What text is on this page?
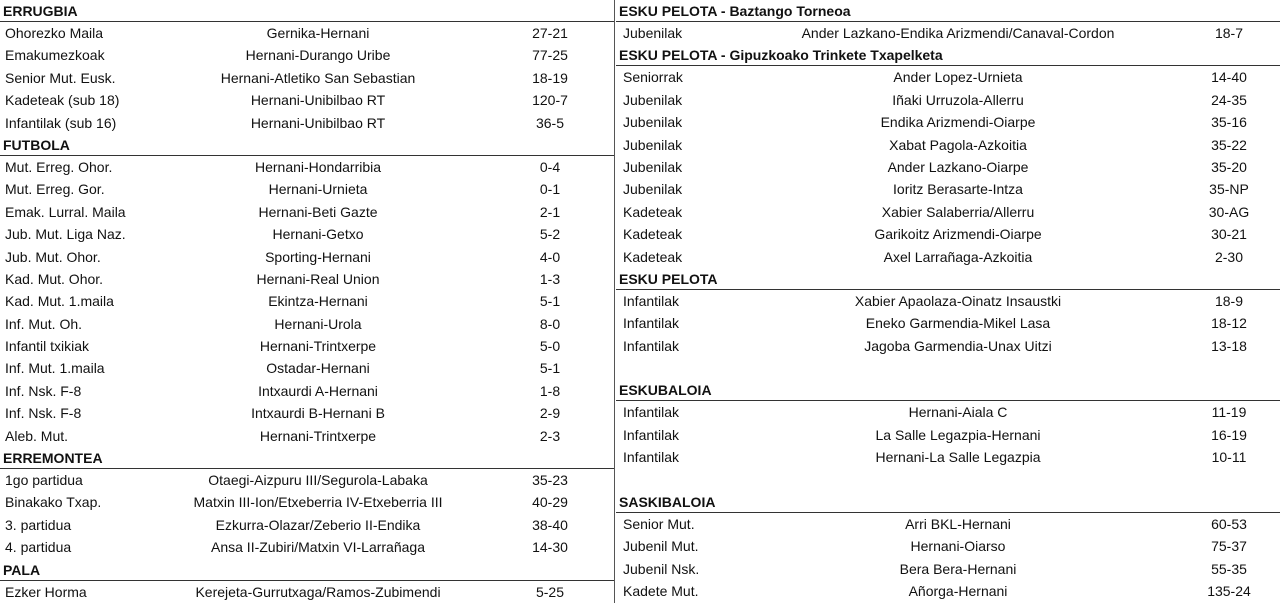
ERRUGBIA
Ohorezko Maila	Gernika-Hernani	27-21
Emakumezkoak	Hernani-Durango Uribe	77-25
Senior Mut. Eusk.	Hernani-Atletiko San Sebastian	18-19
Kadeteak (sub 18)	Hernani-Unibilbao RT	120-7
Infantilak (sub 16)	Hernani-Unibilbao RT	36-5
FUTBOLA
Mut. Erreg. Ohor.	Hernani-Hondarribia	0-4
Mut. Erreg. Gor.	Hernani-Urnieta	0-1
Emak. Lurral. Maila	Hernani-Beti Gazte	2-1
Jub. Mut. Liga Naz.	Hernani-Getxo	5-2
Jub. Mut. Ohor.	Sporting-Hernani	4-0
Kad. Mut. Ohor.	Hernani-Real Union	1-3
Kad. Mut. 1.maila	Ekintza-Hernani	5-1
Inf. Mut. Oh.	Hernani-Urola	8-0
Infantil txikiak	Hernani-Trintxerpe	5-0
Inf. Mut. 1.maila	Ostadar-Hernani	5-1
Inf. Nsk. F-8	Intxaurdi A-Hernani	1-8
Inf. Nsk. F-8	Intxaurdi B-Hernani B	2-9
Aleb. Mut.	Hernani-Trintxerpe	2-3
ERREMONTEA
1go partidua	Otaegi-Aizpuru III/Segurola-Labaka	35-23
Binakako Txap.	Matxin III-Ion/Etxeberria IV-Etxeberria III	40-29
3. partidua	Ezkurra-Olazar/Zeberio II-Endika	38-40
4. partidua	Ansa II-Zubiri/Matxin VI-Larrañaga	14-30
PALA
Ezker Horma	Kerejeta-Gurrutxaga/Ramos-Zubimendi	5-25
ESKU PELOTA - Baztango Torneoa
Jubenilak	Ander Lazkano-Endika Arizmendi/Canaval-Cordon	18-7
ESKU PELOTA - Gipuzkoako Trinkete Txapelketa
Seniorrak	Ander Lopez-Urnieta	14-40
Jubenilak	Iñaki Urruzola-Allerru	24-35
Jubenilak	Endika Arizmendi-Oiarpe	35-16
Jubenilak	Xabat Pagola-Azkoitia	35-22
Jubenilak	Ander Lazkano-Oiarpe	35-20
Jubenilak	Ioritz Berasarte-Intza	35-NP
Kadeteak	Xabier Salaberria/Allerru	30-AG
Kadeteak	Garikoitz Arizmendi-Oiarpe	30-21
Kadeteak	Axel Larrañaga-Azkoitia	2-30
ESKU PELOTA
Infantilak	Xabier Apaolaza-Oinatz Insaustki	18-9
Infantilak	Eneko Garmendia-Mikel Lasa	18-12
Infantilak	Jagoba Garmendia-Unax Uitzi	13-18
ESKUBALOIA
Infantilak	Hernani-Aiala C	11-19
Infantilak	La Salle Legazpia-Hernani	16-19
Infantilak	Hernani-La Salle Legazpia	10-11
SASKIBALOIA
Senior Mut.	Arri BKL-Hernani	60-53
Jubenil Mut.	Hernani-Oiarso	75-37
Jubenil Nsk.	Bera Bera-Hernani	55-35
Kadete Mut.	Añorga-Hernani	135-24
